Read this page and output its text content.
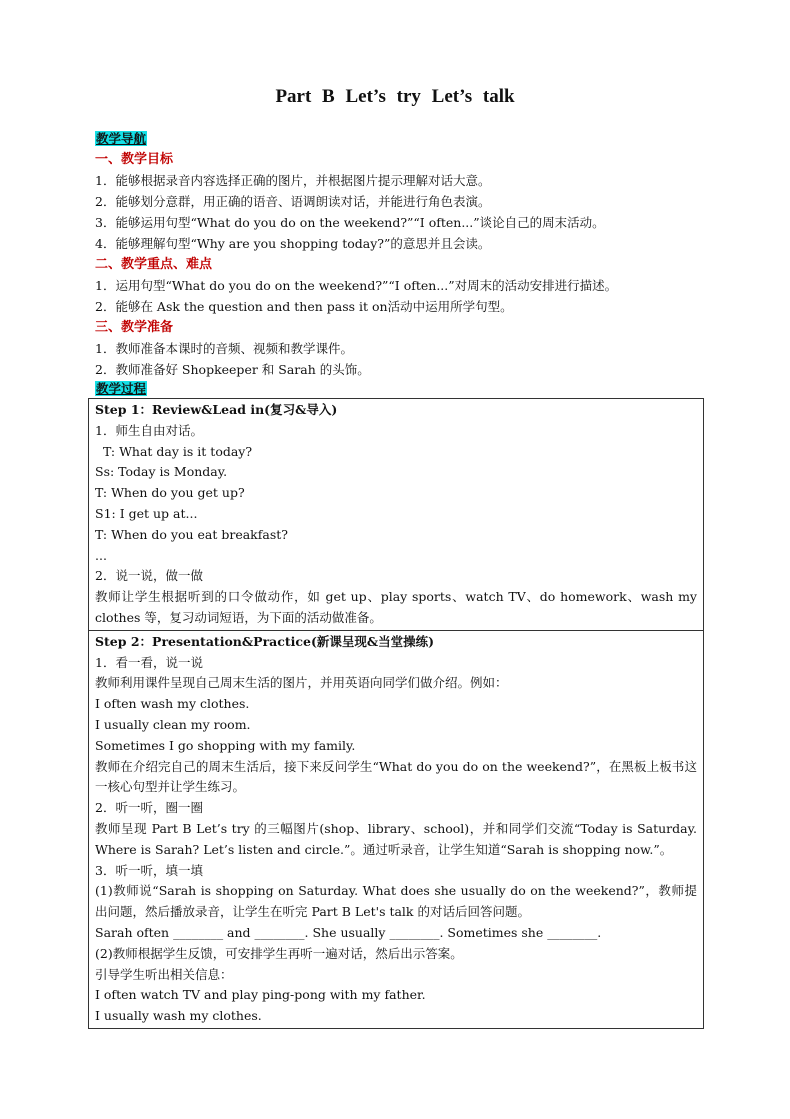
Part B Let’s try Let’s talk
教学导航
一、教学目标
1．能够根据录音内容选择正确的图片，并根据图片提示理解对话大意。
2．能够划分意群，用正确的语音、语调朗读对话，并能进行角色表演。
3．能够运用句型“What do you do on the weekend?”“I often...”谈论自己的周末活动。
4．能够理解句型“Why are you shopping today?”的意思并且会读。
二、教学重点、难点
1．运用句型“What do you do on the weekend?”“I often...”对周末的活动安排进行描述。
2．能够在 Ask the question and then pass it on活动中运用所学句型。
三、教学准备
1．教师准备本课时的音频、视频和教学课件。
2．教师准备好 Shopkeeper 和 Sarah 的头饰。
教学过程
Step 1：Review&Lead in(复习&导入)
1．师生自由对话。
T: What day is it today?
Ss: Today is Monday.
T: When do you get up?
S1: I get up at...
T: When do you eat breakfast?
...
2．说一说，做一做
教师让学生根据听到的口令做动作，如 get up、play sports、watch TV、do homework、wash my clothes 等，复习动词短语，为下面的活动做准备。
Step 2：Presentation&Practice(新课呈现&当堂操练)
1．看一看，说一说
教师利用课件呈现自己周末生活的图片，并用英语向同学们做介绍。例如：
I often wash my clothes.
I usually clean my room.
Sometimes I go shopping with my family.
教师在介绍完自己的周末生活后，接下来反问学生“What do you do on the weekend?”，在黑板上板书这一核心句型并让学生练习。
2．听一听，圈一圈
教师呈现 Part B Let’s try 的三幅图片(shop、library、school)，并和同学们交流“Today is Saturday. Where is Sarah? Let’s listen and circle.”。通过听录音，让学生知道“Sarah is shopping now.”。
3．听一听，填一填
(1)教师说“Sarah is shopping on Saturday. What does she usually do on the weekend?”，教师提出问题，然后播放录音，让学生在听完 Part B Let's talk 的对话后回答问题。
Sarah often ________ and ________. She usually ________. Sometimes she ________.
(2)教师根据学生反馈，可安排学生再听一遍对话，然后出示答案。
引导学生听出相关信息：
I often watch TV and play ping-pong with my father.
I usually wash my clothes.
